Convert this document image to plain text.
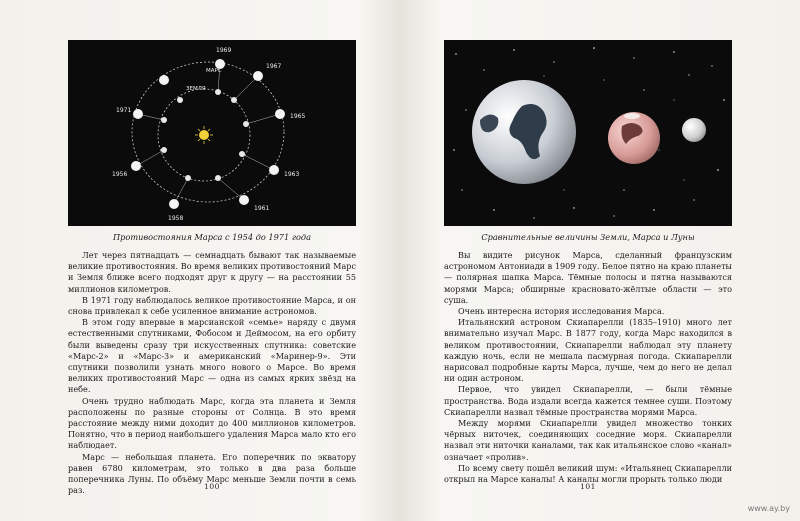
1969
1967
1965
1963
1961
1958
1956
1971
МАРС
ЗЕМЛЯ
Противостояния Марса с 1954 до 1971 года

Лет через пятнадцать — семнадцать бывают так называемые великие противостояния. Во время великих противостояний Марс и Земля ближе всего подходят друг к другу — на расстоянии 55 миллионов километров.

В 1971 году наблюдалось великое противостояние Марса, и он снова привлекал к себе усиленное внимание астрономов.

В этом году впервые в марсианской «семье» наряду с двумя естественными спутниками, Фобосом и Деймосом, на его орбиту были выведены сразу три искусственных спутника: советские «Марс-2» и «Марс-3» и американский «Маринер-9». Эти спутники позволили узнать много нового о Марсе. Во время великих противостояний Марс — одна из самых ярких звёзд на небе.

Очень трудно наблюдать Марс, когда эта планета и Земля расположены по разные стороны от Солнца. В это время расстояние между ними доходит до 400 миллионов километров. Понятно, что в период наибольшего удаления Марса мало кто его наблюдает.

Марс — небольшая планета. Его поперечник по экватору равен 6780 километрам, это только в два раза больше поперечника Луны. По объёму Марс меньше Земли почти в семь раз.	100
Сравнительные величины Земли, Марса и Луны

Вы видите рисунок Марса, сделанный французским астрономом Антониади в 1909 году. Белое пятно на краю планеты — полярная шапка Марса. Тёмные полосы и пятна называются морями Марса; обширные красновато-жёлтые области — это суша.

Очень интересна история исследования Марса.

Итальянский астроном Скиапарелли (1835–1910) много лет внимательно изучал Марс. В 1877 году, когда Марс находился в великом противостоянии, Скиапарелли наблюдал эту планету каждую ночь, если не мешала пасмурная погода. Скиапарелли нарисовал подробные карты Марса, лучше, чем до него не делал ни один астроном.

Первое, что увидел Скиапарелли, — были тёмные пространства. Вода издали всегда кажется темнее суши. Поэтому Скиапарелли назвал тёмные пространства морями Марса.

Между морями Скиапарелли увидел множество тонких чёрных ниточек, соединяющих соседние моря. Скиапарелли назвал эти ниточки каналами, так как итальянское слово «канал» означает «пролив».

По всему свету пошёл великий шум: «Итальянец Скиапарелли открыл на Марсе каналы! А каналы могли прорыть только люди

101
www.ay.by
